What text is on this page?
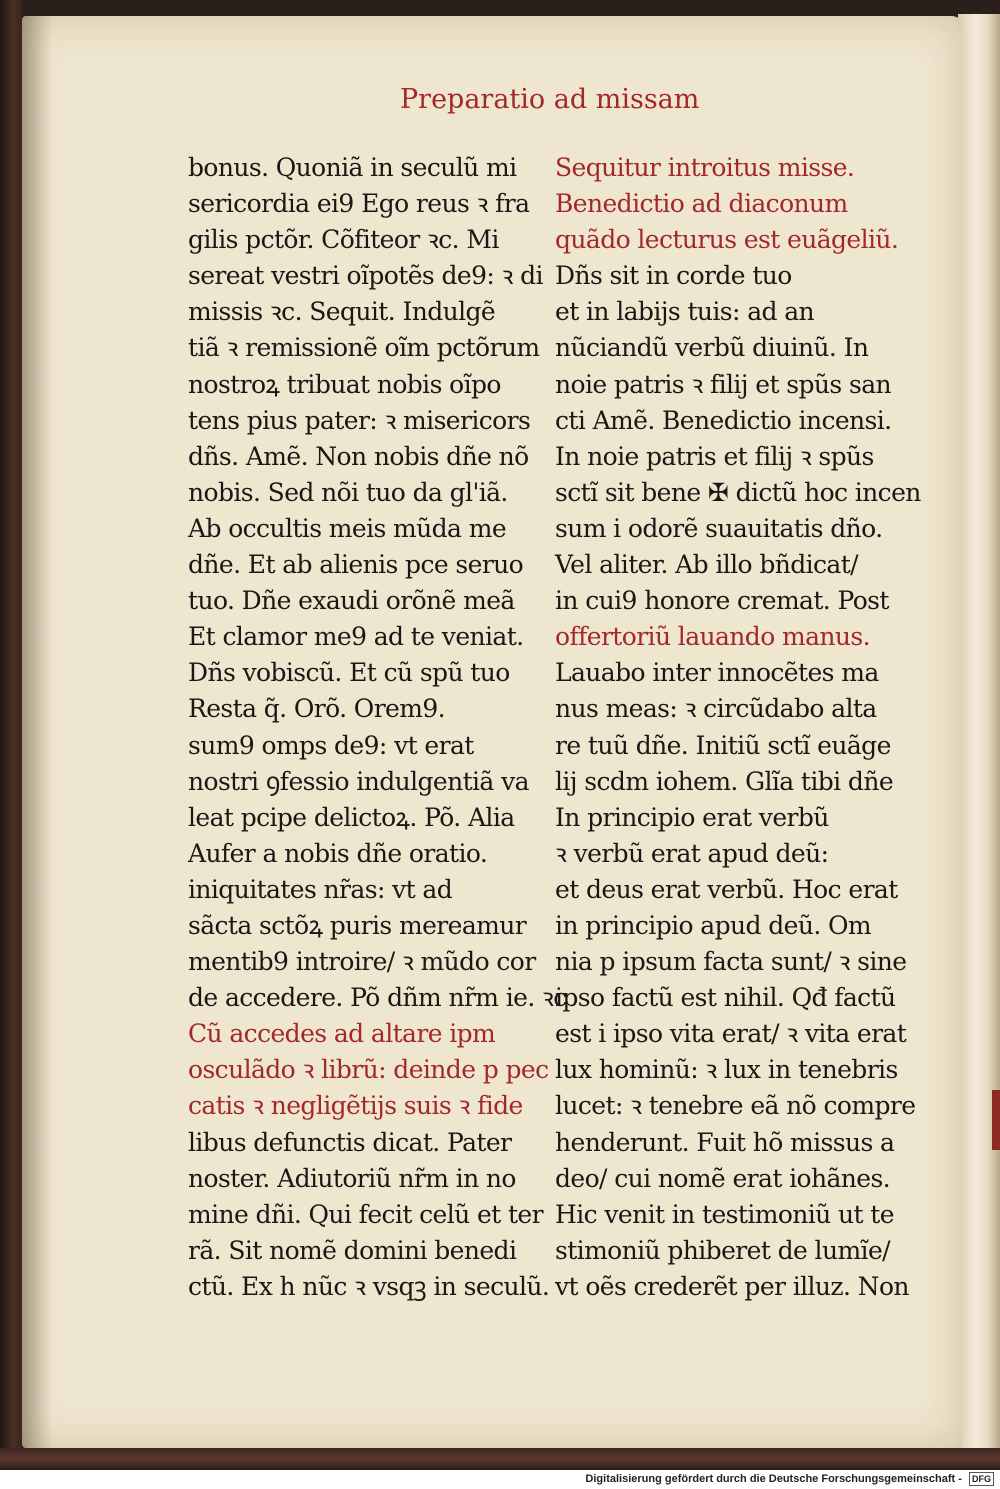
Preparatio ad missam
bonus. Quoniã in seculũ mi
sericordia ei9 Ego reus ꝛ fra
gilis pctõr. Cõfiteor ꝛc. Mi
sereat vestri oĩpotẽs de9: ꝛ di
missis ꝛc. Sequit. Indulgẽ
tiã ꝛ remissionẽ oĩm pctõrum
nostroꝝ tribuat nobis oĩpo
tens pius pater: ꝛ misericors
dñs. Amẽ. Non nobis dñe nõ
nobis. Sed nõi tuo da gl'iã.
Ab occultis meis mũda me
dñe. Et ab alienis pce seruo
tuo. Dñe exaudi orõnẽ meã
Et clamor me9 ad te veniat.
Dñs vobiscũ. Et cũ spũ tuo
Resta q̃. Orõ. Orem9.
sum9 omps de9: vt erat
nostri ꝯfessio indulgentiã va
leat pcipe delictoꝝ. Põ. Alia
Aufer a nobis dñe oratio.
iniquitates nr̃as: vt ad
sãcta sctõꝝ puris mereamur
mentib9 introire/ ꝛ mũdo cor
de accedere. Põ dñm nr̃m ie. ꝛc
Cũ accedes ad altare ipm
osculãdo ꝛ librũ: deinde p pec
catis ꝛ negligẽtijs suis ꝛ fide
libus defunctis dicat. Pater
noster. Adiutoriũ nr̃m in no
mine dñi. Qui fecit celũ et ter
rã. Sit nomẽ domini benedi
ctũ. Ex h nũc ꝛ vsqꝫ in seculũ.
Sequitur introitus misse.
Benedictio ad diaconum
quãdo lecturus est euãgeliũ.
Dñs sit in corde tuo
et in labijs tuis: ad an
nũciandũ verbũ diuinũ. In
noie patris ꝛ filij et spũs san
cti Amẽ. Benedictio incensi.
In noie patris et filij ꝛ spũs
sctĩ sit bene ✠ dictũ hoc incen
sum i odorẽ suauitatis dño.
Vel aliter. Ab illo bñdicat/
in cui9 honore cremat. Post
offertoriũ lauando manus.
Lauabo inter innocẽtes ma
nus meas: ꝛ circũdabo alta
re tuũ dñe. Initiũ sctĩ euãge
lij scdm iohem. Glĩa tibi dñe
In principio erat verbũ
ꝛ verbũ erat apud deũ:
et deus erat verbũ. Hoc erat
in principio apud deũ. Om
nia p ipsum facta sunt/ ꝛ sine
ipso factũ est nihil. Qđ factũ
est i ipso vita erat/ ꝛ vita erat
lux hominũ: ꝛ lux in tenebris
lucet: ꝛ tenebre eã nõ compre
henderunt. Fuit hõ missus a
deo/ cui nomẽ erat iohãnes.
Hic venit in testimoniũ ut te
stimoniũ phiberet de lumĩe/
vt oẽs crederẽt per illuz. Non
Digitalisierung gefördert durch die Deutsche Forschungsgemeinschaft - DFG
